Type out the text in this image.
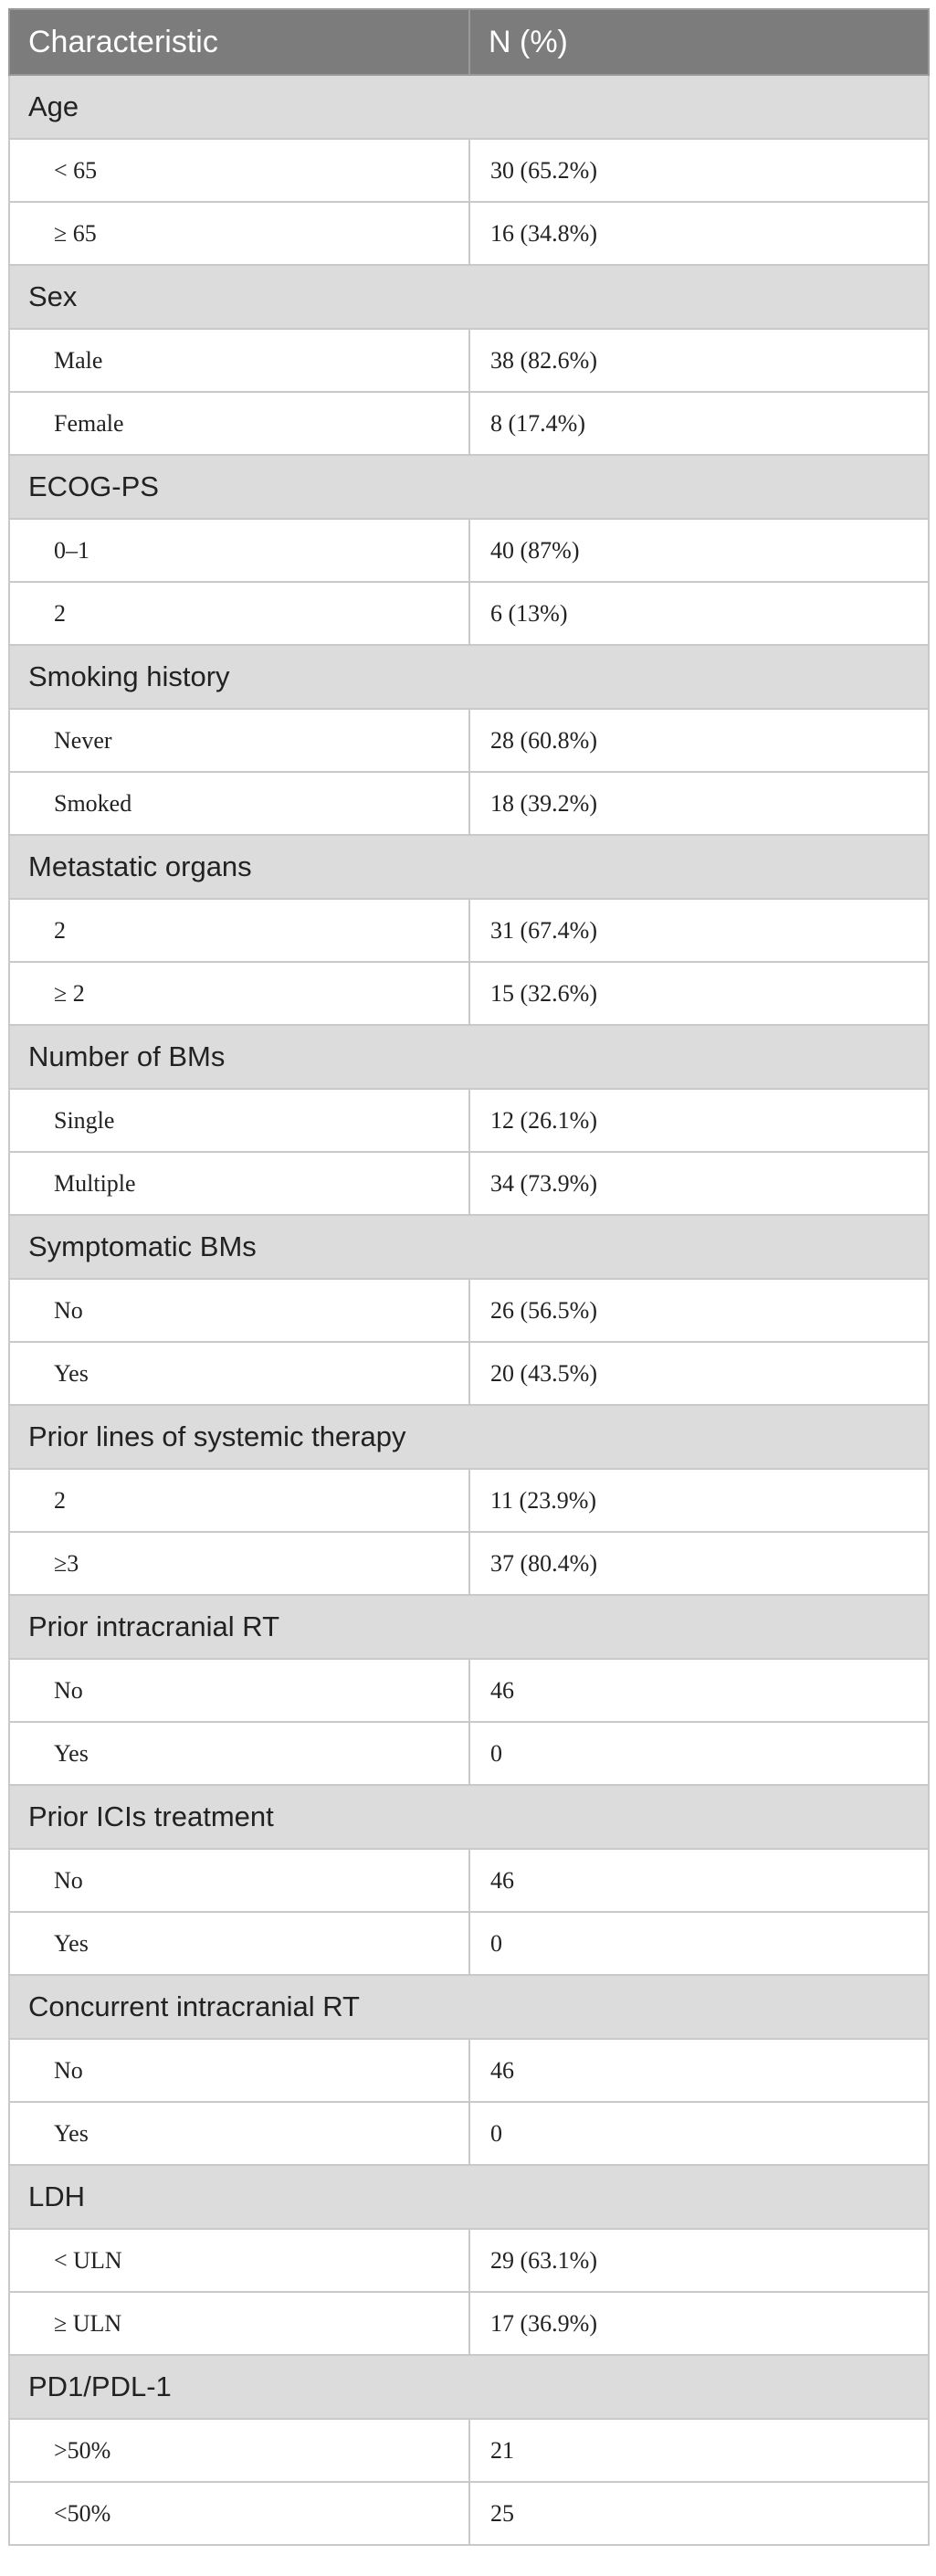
Characteristic	N (%)
Age	
< 65	30 (65.2%)
≥ 65	16 (34.8%)
Sex	
Male	38 (82.6%)
Female	8 (17.4%)
ECOG-PS	
0–1	40 (87%)
2	6 (13%)
Smoking history	
Never	28 (60.8%)
Smoked	18 (39.2%)
Metastatic organs	
2	31 (67.4%)
≥ 2	15 (32.6%)
Number of BMs	
Single	12 (26.1%)
Multiple	34 (73.9%)
Symptomatic BMs	
No	26 (56.5%)
Yes	20 (43.5%)
Prior lines of systemic therapy	
2	11 (23.9%)
≥3	37 (80.4%)
Prior intracranial RT	
No	46
Yes	0
Prior ICIs treatment	
No	46
Yes	0
Concurrent intracranial RT	
No	46
Yes	0
LDH	
< ULN	29 (63.1%)
≥ ULN	17 (36.9%)
PD1/PDL-1	
>50%	21
<50%	25
